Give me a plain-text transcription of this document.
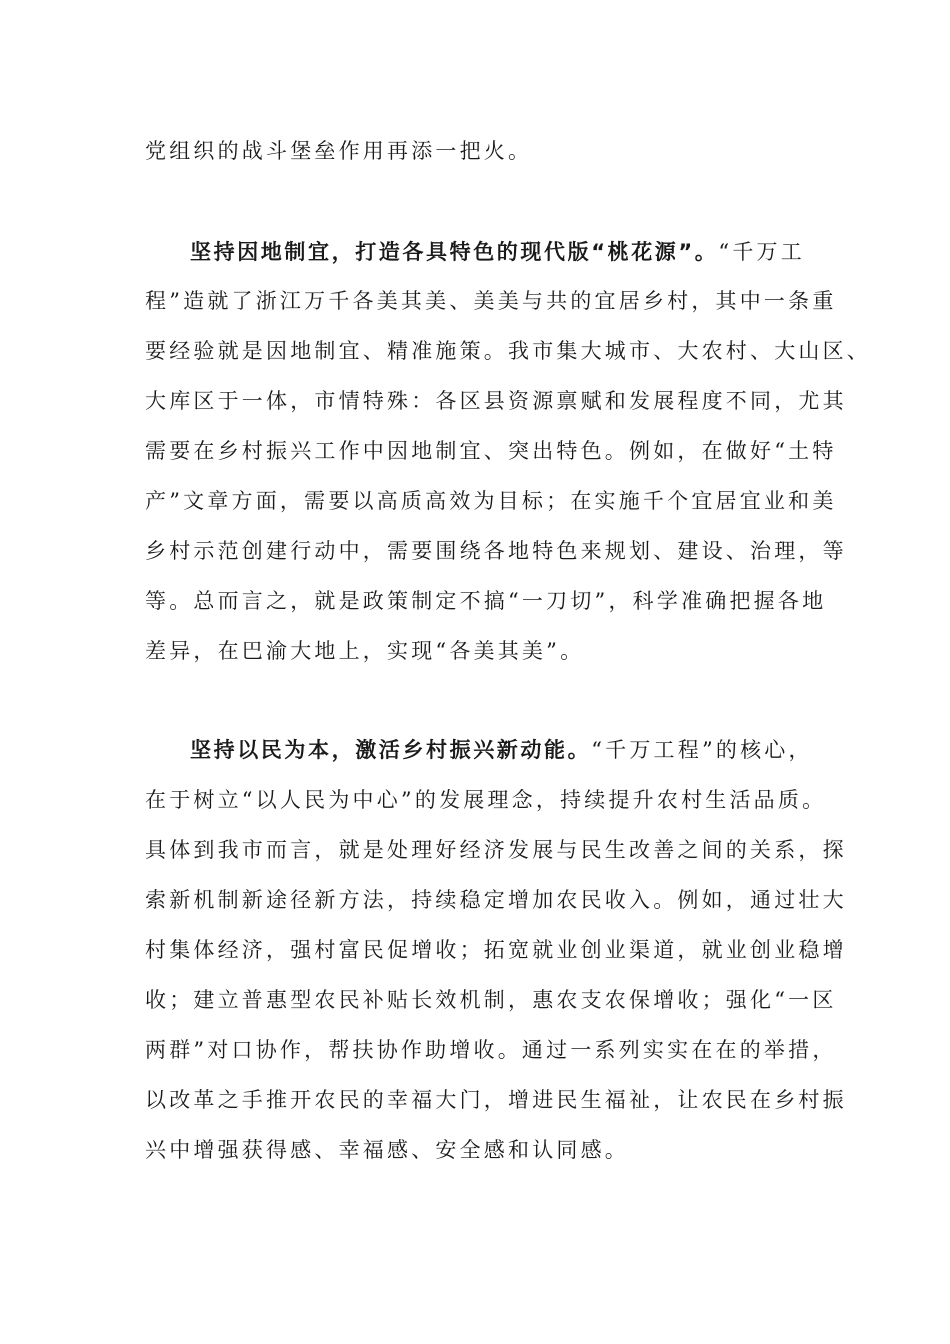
党组织的战斗堡垒作用再添一把火。
坚持因地制宜，打造各具特色的现代版“桃花源”。“千万工
程”造就了浙江万千各美其美、美美与共的宜居乡村，其中一条重
要经验就是因地制宜、精准施策。我市集大城市、大农村、大山区、
大库区于一体，市情特殊：各区县资源禀赋和发展程度不同，尤其
需要在乡村振兴工作中因地制宜、突出特色。例如，在做好“土特
产”文章方面，需要以高质高效为目标；在实施千个宜居宜业和美
乡村示范创建行动中，需要围绕各地特色来规划、建设、治理，等
等。总而言之，就是政策制定不搞“一刀切”，科学准确把握各地
差异，在巴渝大地上，实现“各美其美”。
坚持以民为本，激活乡村振兴新动能。“千万工程”的核心，
在于树立“以人民为中心”的发展理念，持续提升农村生活品质。
具体到我市而言，就是处理好经济发展与民生改善之间的关系，探
索新机制新途径新方法，持续稳定增加农民收入。例如，通过壮大
村集体经济，强村富民促增收；拓宽就业创业渠道，就业创业稳增
收；建立普惠型农民补贴长效机制，惠农支农保增收；强化“一区
两群”对口协作，帮扶协作助增收。通过一系列实实在在的举措，
以改革之手推开农民的幸福大门，增进民生福祉，让农民在乡村振
兴中增强获得感、幸福感、安全感和认同感。
